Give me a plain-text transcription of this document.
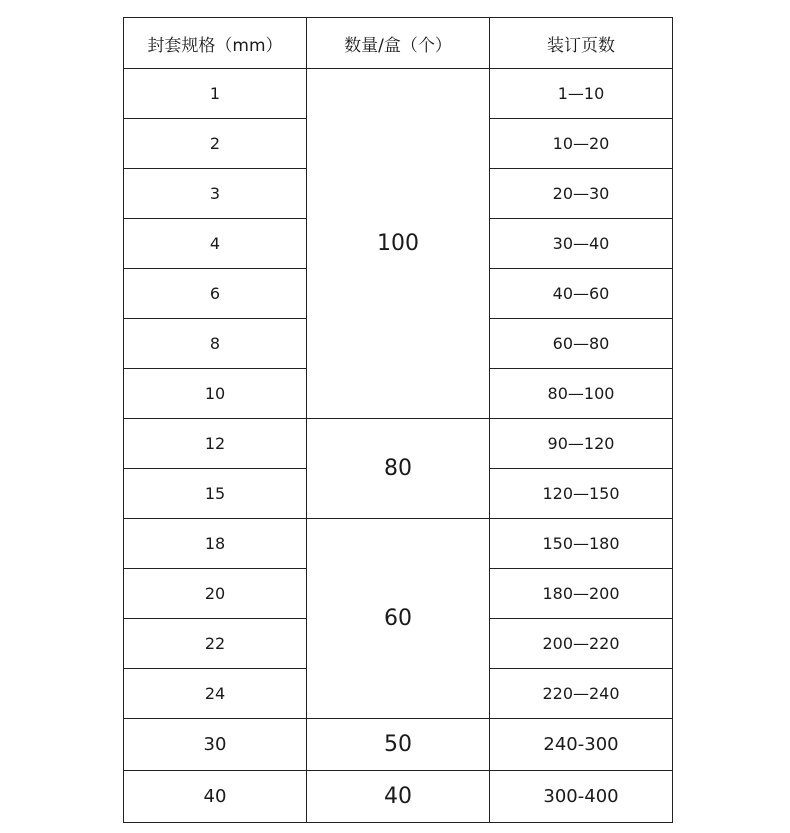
封套规格（mm）	数量/盒（个）	装订页数
1	100	1—10
2		10—20
3		20—30
4		30—40
6		40—60
8		60—80
10		80—100
12	80	90—120
15		120—150
18	60	150—180
20		180—200
22		200—220
24		220—240
30	50	240-300
40	40	300-400
